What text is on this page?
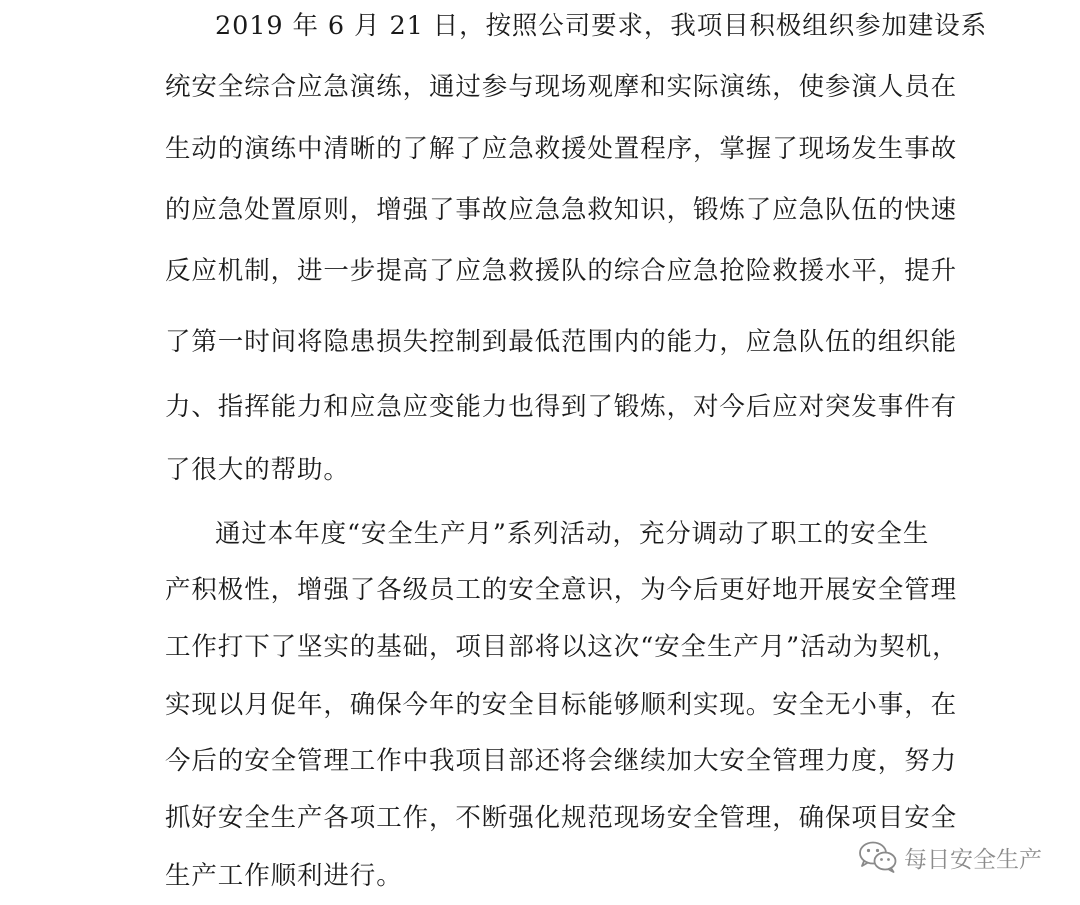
2019 年 6 月 21 日，按照公司要求，我项目积极组织参加建设系
统安全综合应急演练，通过参与现场观摩和实际演练，使参演人员在
生动的演练中清晰的了解了应急救援处置程序，掌握了现场发生事故
的应急处置原则，增强了事故应急急救知识，锻炼了应急队伍的快速
反应机制，进一步提高了应急救援队的综合应急抢险救援水平，提升
了第一时间将隐患损失控制到最低范围内的能力，应急队伍的组织能
力、指挥能力和应急应变能力也得到了锻炼，对今后应对突发事件有
了很大的帮助。
通过本年度“安全生产月”系列活动，充分调动了职工的安全生
产积极性，增强了各级员工的安全意识，为今后更好地开展安全管理
工作打下了坚实的基础，项目部将以这次“安全生产月”活动为契机，
实现以月促年，确保今年的安全目标能够顺利实现。安全无小事，在
今后的安全管理工作中我项目部还将会继续加大安全管理力度，努力
抓好安全生产各项工作，不断强化规范现场安全管理，确保项目安全
生产工作顺利进行。
每日安全生产
